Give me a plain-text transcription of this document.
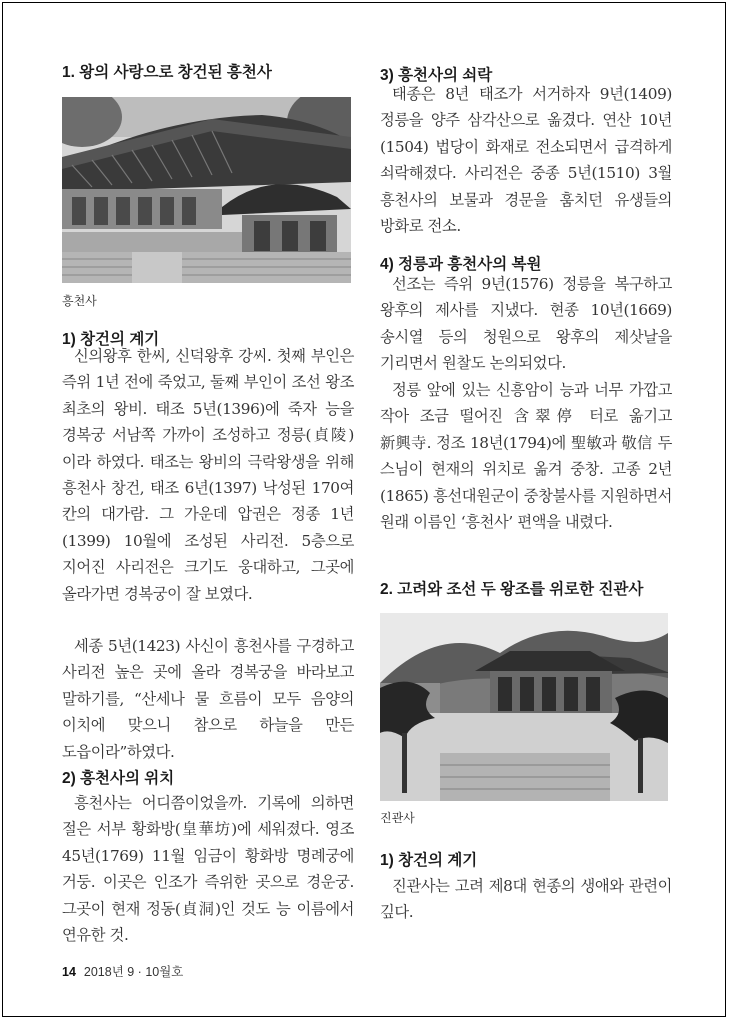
1. 왕의 사랑으로 창건된 흥천사
흥천사
1) 창건의 계기

신의왕후 한씨, 신덕왕후 강씨. 첫째 부인은 즉위 1년 전에 죽었고, 둘째 부인이 조선 왕조 최초의 왕비. 태조 5년(1396)에 죽자 능을 경복궁 서남쪽 가까이 조성하고 정릉(貞陵)이라 하였다. 태조는 왕비의 극락왕생을 위해 흥천사 창건, 태조 6년(1397) 낙성된 170여 칸의 대가람. 그 가운데 압권은 정종 1년(1399) 10월에 조성된 사리전. 5층으로 지어진 사리전은 크기도 웅대하고, 그곳에 올라가면 경복궁이 잘 보였다.

세종 5년(1423) 사신이 흥천사를 구경하고 사리전 높은 곳에 올라 경복궁을 바라보고 말하기를, “산세나 물 흐름이 모두 음양의 이치에 맞으니 참으로 하늘을 만든 도읍이라”하였다.

2) 흥천사의 위치

흥천사는 어디쯤이었을까. 기록에 의하면 절은 서부 황화방(皇華坊)에 세워졌다. 영조 45년(1769) 11월 임금이 황화방 명례궁에 거둥. 이곳은 인조가 즉위한 곳으로 경운궁. 그곳이 현재 정동(貞洞)인 것도 능 이름에서 연유한 것.

3) 흥천사의 쇠락

태종은 8년 태조가 서거하자 9년(1409) 정릉을 양주 삼각산으로 옮겼다. 연산 10년(1504) 법당이 화재로 전소되면서 급격하게 쇠락해졌다. 사리전은 중종 5년(1510) 3월 흥천사의 보물과 경문을 훔치던 유생들의 방화로 전소.

4) 정릉과 흥천사의 복원

선조는 즉위 9년(1576) 정릉을 복구하고 왕후의 제사를 지냈다. 현종 10년(1669) 송시열 등의 청원으로 왕후의 제삿날을 기리면서 원찰도 논의되었다.

정릉 앞에 있는 신흥암이 능과 너무 가깝고 작아 조금 떨어진 含翠停 터로 옮기고 新興寺. 정조 18년(1794)에 聖敏과 敬信 두 스님이 현재의 위치로 옮겨 중창. 고종 2년(1865) 흥선대원군이 중창불사를 지원하면서 원래 이름인 ‘흥천사’ 편액을 내렸다.

2. 고려와 조선 두 왕조를 위로한 진관사
진관사
1) 창건의 계기

진관사는 고려 제8대 현종의 생애와 관련이 깊다.

14 2018년 9 · 10월호
